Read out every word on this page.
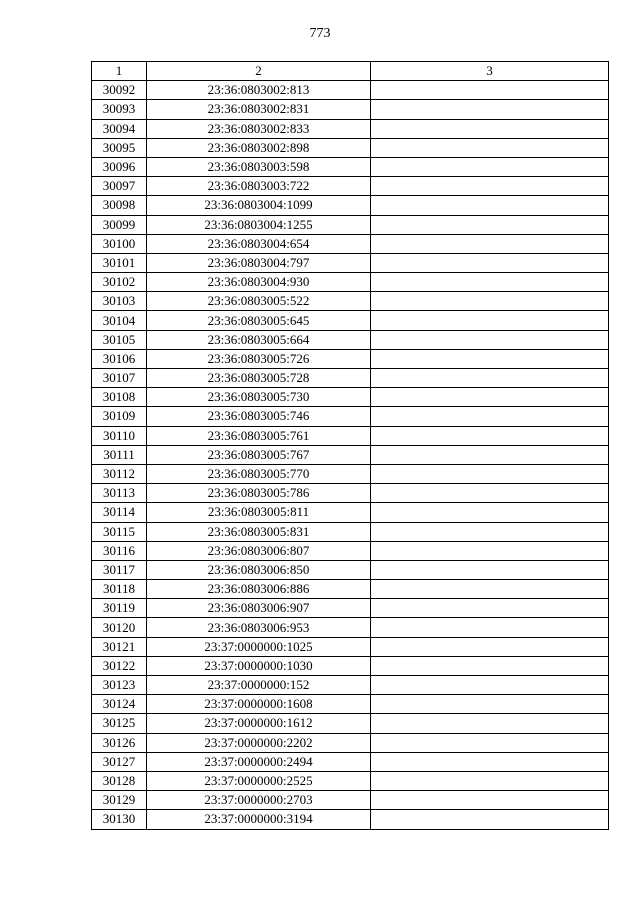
773
1	2	3
30092	23:36:0803002:813	
30093	23:36:0803002:831	
30094	23:36:0803002:833	
30095	23:36:0803002:898	
30096	23:36:0803003:598	
30097	23:36:0803003:722	
30098	23:36:0803004:1099	
30099	23:36:0803004:1255	
30100	23:36:0803004:654	
30101	23:36:0803004:797	
30102	23:36:0803004:930	
30103	23:36:0803005:522	
30104	23:36:0803005:645	
30105	23:36:0803005:664	
30106	23:36:0803005:726	
30107	23:36:0803005:728	
30108	23:36:0803005:730	
30109	23:36:0803005:746	
30110	23:36:0803005:761	
30111	23:36:0803005:767	
30112	23:36:0803005:770	
30113	23:36:0803005:786	
30114	23:36:0803005:811	
30115	23:36:0803005:831	
30116	23:36:0803006:807	
30117	23:36:0803006:850	
30118	23:36:0803006:886	
30119	23:36:0803006:907	
30120	23:36:0803006:953	
30121	23:37:0000000:1025	
30122	23:37:0000000:1030	
30123	23:37:0000000:152	
30124	23:37:0000000:1608	
30125	23:37:0000000:1612	
30126	23:37:0000000:2202	
30127	23:37:0000000:2494	
30128	23:37:0000000:2525	
30129	23:37:0000000:2703	
30130	23:37:0000000:3194	
